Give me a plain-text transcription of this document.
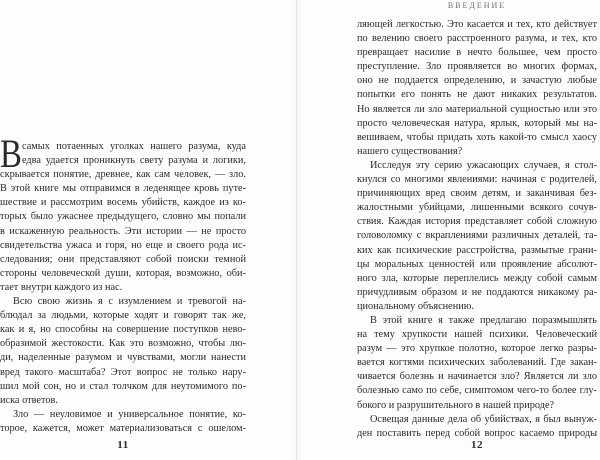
В самых потаенных уголках нашего разума, куда
едва удается проникнуть свету разума и логики,
скрывается понятие, древнее, как сам человек, — зло.
В этой книге мы отправимся в леденящее кровь путе-
шествие и рассмотрим восемь убийств, каждое из ко-
торых было ужаснее предыдущего, словно мы попали
в искаженную реальность. Эти истории — не просто
свидетельства ужаса и горя, но еще и своего рода ис-
следования; они представляют собой поиски темной
стороны человеческой души, которая, возможно, оби-
тает внутри каждого из нас.
Всю свою жизнь я с изумлением и тревогой на-
блюдал за людьми, которые ходят и говорят так же,
как и я, но способны на совершение поступков нево-
образимой жестокости. Как это возможно, чтобы лю-
ди, наделенные разумом и чувствами, могли нанести
вред такого масштаба? Этот вопрос не только нару-
шил мой сон, но и стал толчком для неутомимого по-
иска ответов.
Зло — неуловимое и универсальное понятие, ко-
торое, кажется, может материализоваться с ошелом-
11
ВВЕДЕНИЕ
ляющей легкостью. Это касается и тех, кто действует
по велению своего расстроенного разума, и тех, кто
превращает насилие в нечто большее, чем просто
преступление. Зло проявляется во многих формах,
оно не поддается определению, и зачастую любые
попытки его понять не дают никаких результатов.
Но является ли зло материальной сущностью или это
просто человеческая натура, ярлык, который мы на-
вешиваем, чтобы придать хоть какой-то смысл хаосу
нашего существования?
Исследуя эту серию ужасающих случаев, я стол-
кнулся со многими явлениями: начиная с родителей,
причиняющих вред своим детям, и заканчивая без-
жалостными убийцами, лишенными всякого сочув-
ствия. Каждая история представляет собой сложную
головоломку с вкраплениями различных деталей, та-
ких как психические расстройства, размытые грани-
цы моральных ценностей или проявление абсолют-
ного зла, которые переплелись между собой самым
причудливым образом и не поддаются никакому ра-
циональному объяснению.
В этой книге я также предлагаю поразмышлять
на тему хрупкости нашей психики. Человеческий
разум — это хрупкое полотно, которое легко разры-
вается когтями психических заболеваний. Где закан-
чивается болезнь и начинается зло? Является ли зло
болезнью само по себе, симптомом чего-то более глу-
бокого и разрушительного в нашей природе?
Освещая данные дела об убийствах, я был вынуж-
ден поставить перед собой вопрос касаемо природы
12
